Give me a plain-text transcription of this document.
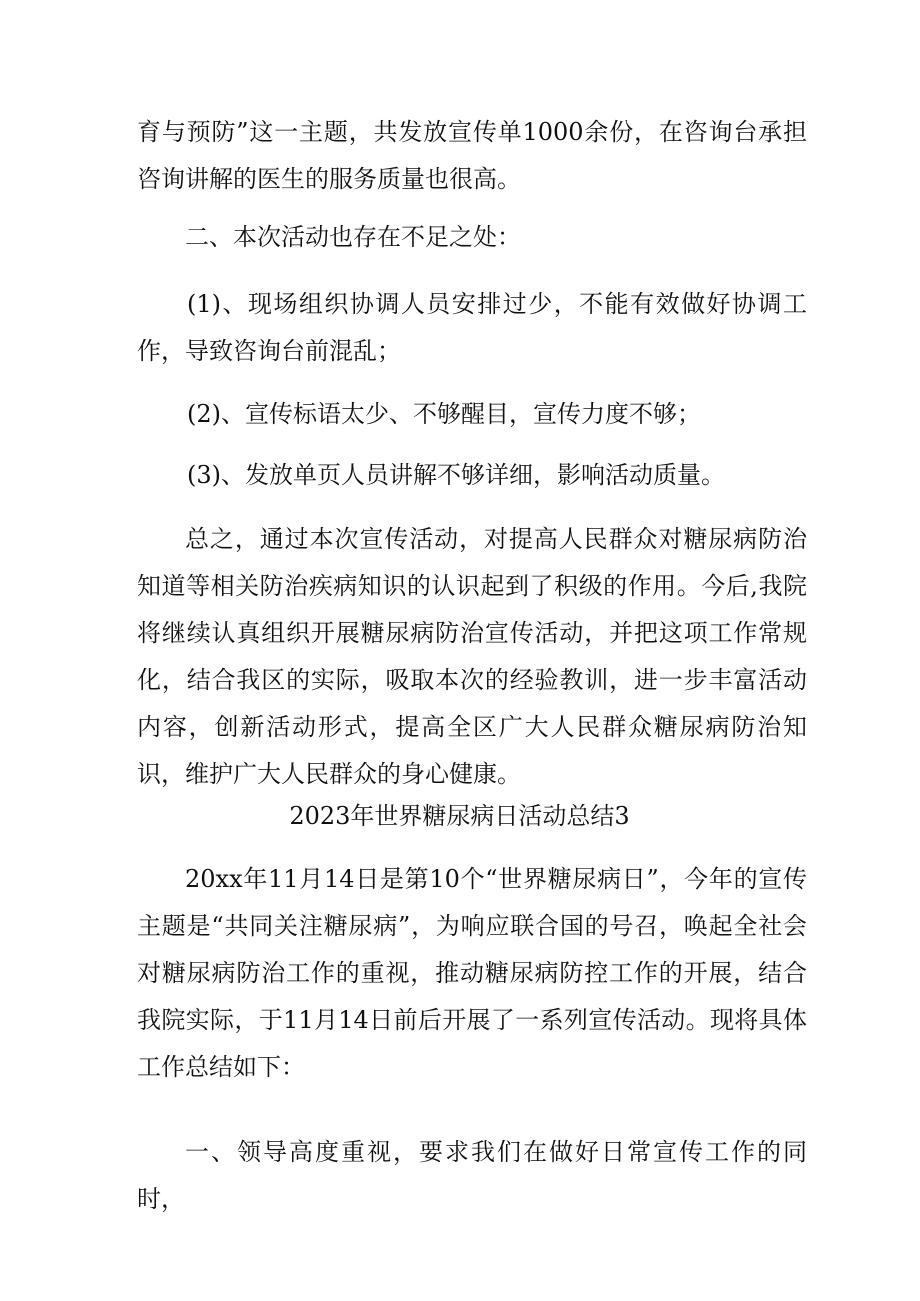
育与预防”这一主题，共发放宣传单1000余份，在咨询台承担咨询讲解的医生的服务质量也很高。

二、本次活动也存在不足之处：

(1)、现场组织协调人员安排过少，不能有效做好协调工作，导致咨询台前混乱；

(2)、宣传标语太少、不够醒目，宣传力度不够；

(3)、发放单页人员讲解不够详细，影响活动质量。

总之，通过本次宣传活动，对提高人民群众对糖尿病防治知道等相关防治疾病知识的认识起到了积级的作用。今后,我院将继续认真组织开展糖尿病防治宣传活动，并把这项工作常规化，结合我区的实际，吸取本次的经验教训，进一步丰富活动内容，创新活动形式，提高全区广大人民群众糖尿病防治知识，维护广大人民群众的身心健康。

2023年世界糖尿病日活动总结3

20xx年11月14日是第10个“世界糖尿病日”，今年的宣传主题是“共同关注糖尿病”，为响应联合国的号召，唤起全社会对糖尿病防治工作的重视，推动糖尿病防控工作的开展，结合我院实际，于11月14日前后开展了一系列宣传活动。现将具体工作总结如下：

一、领导高度重视，要求我们在做好日常宣传工作的同时，
